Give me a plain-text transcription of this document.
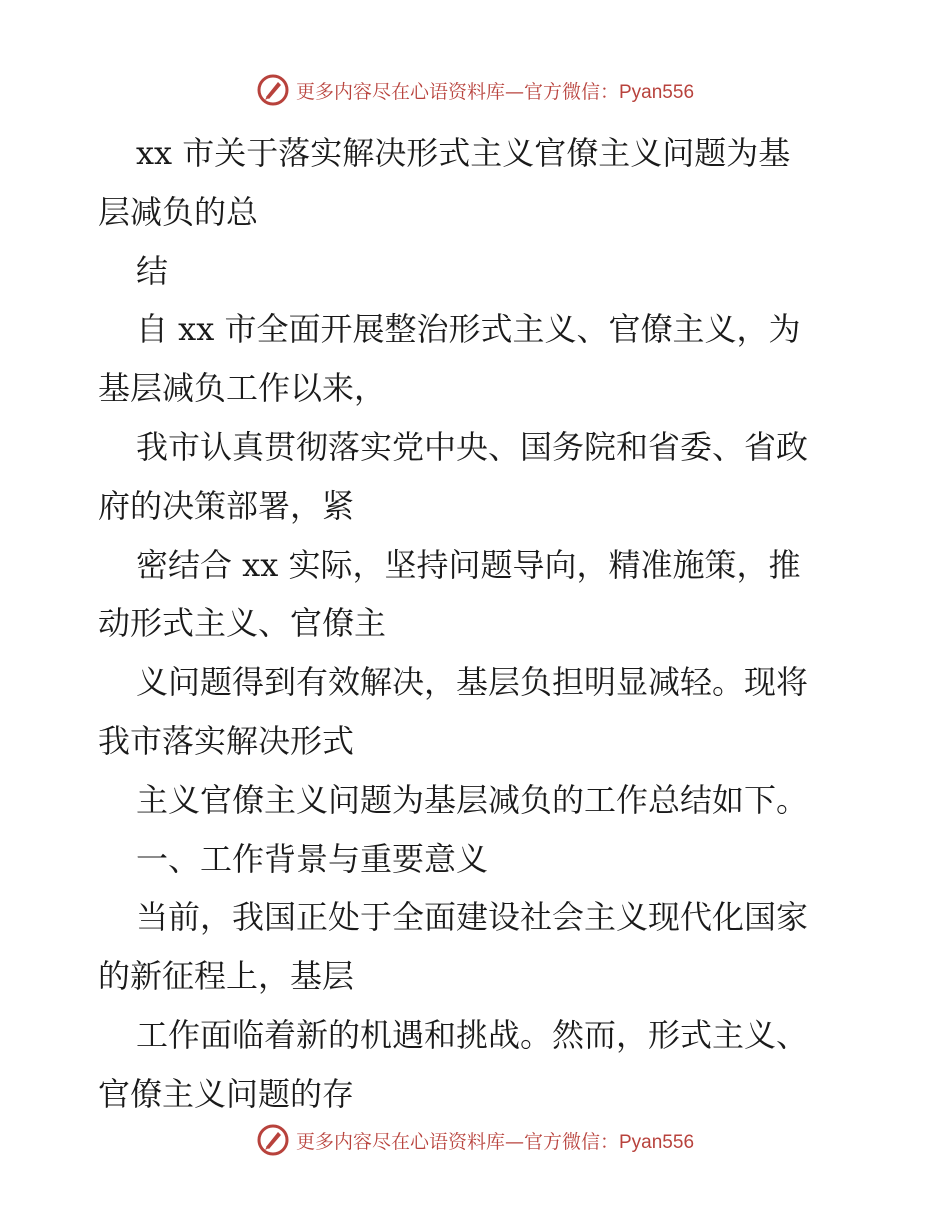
更多内容尽在心语资料库—官方微信：Pyan556
xx 市关于落实解决形式主义官僚主义问题为基
层减负的总
结
自 xx 市全面开展整治形式主义、官僚主义，为
基层减负工作以来，
我市认真贯彻落实党中央、国务院和省委、省政
府的决策部署，紧
密结合 xx 实际，坚持问题导向，精准施策，推
动形式主义、官僚主
义问题得到有效解决，基层负担明显减轻。现将
我市落实解决形式
主义官僚主义问题为基层减负的工作总结如下。
一、工作背景与重要意义
当前，我国正处于全面建设社会主义现代化国家
的新征程上，基层
工作面临着新的机遇和挑战。然而，形式主义、
官僚主义问题的存
更多内容尽在心语资料库—官方微信：Pyan556
